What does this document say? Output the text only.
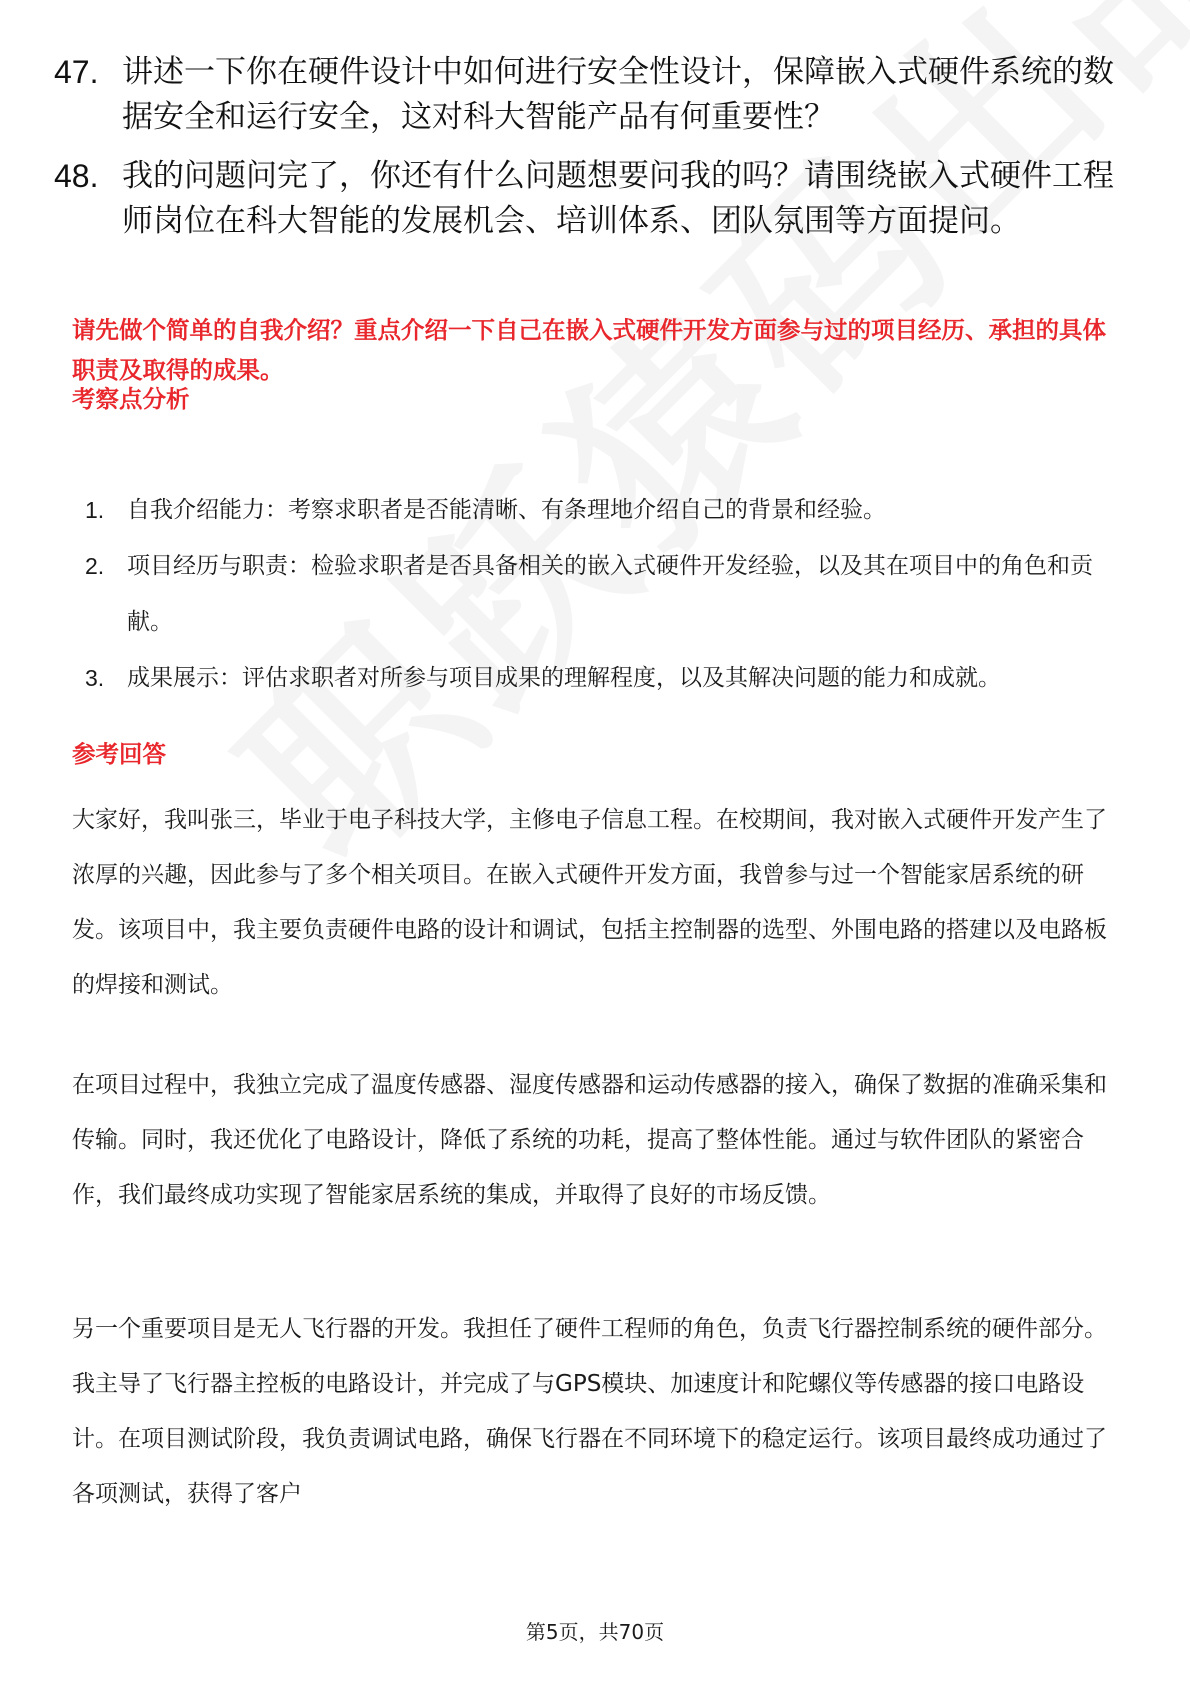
47. 讲述一下你在硬件设计中如何进行安全性设计，保障嵌入式硬件系统的数据安全和运行安全，这对科大智能产品有何重要性？
48. 我的问题问完了，你还有什么问题想要问我的吗？请围绕嵌入式硬件工程师岗位在科大智能的发展机会、培训体系、团队氛围等方面提问。
请先做个简单的自我介绍？重点介绍一下自己在嵌入式硬件开发方面参与过的项目经历、承担的具体职责及取得的成果。
考察点分析
1. 自我介绍能力：考察求职者是否能清晰、有条理地介绍自己的背景和经验。
2. 项目经历与职责：检验求职者是否具备相关的嵌入式硬件开发经验，以及其在项目中的角色和贡献。
3. 成果展示：评估求职者对所参与项目成果的理解程度，以及其解决问题的能力和成就。
参考回答
大家好，我叫张三，毕业于电子科技大学，主修电子信息工程。在校期间，我对嵌入式硬件开发产生了浓厚的兴趣，因此参与了多个相关项目。在嵌入式硬件开发方面，我曾参与过一个智能家居系统的研发。该项目中，我主要负责硬件电路的设计和调试，包括主控制器的选型、外围电路的搭建以及电路板的焊接和测试。
在项目过程中，我独立完成了温度传感器、湿度传感器和运动传感器的接入，确保了数据的准确采集和传输。同时，我还优化了电路设计，降低了系统的功耗，提高了整体性能。通过与软件团队的紧密合作，我们最终成功实现了智能家居系统的集成，并取得了良好的市场反馈。
另一个重要项目是无人飞行器的开发。我担任了硬件工程师的角色，负责飞行器控制系统的硬件部分。我主导了飞行器主控板的电路设计，并完成了与GPS模块、加速度计和陀螺仪等传感器的接口电路设计。在项目测试阶段，我负责调试电路，确保飞行器在不同环境下的稳定运行。该项目最终成功通过了各项测试，获得了客户
第5页，共70页
